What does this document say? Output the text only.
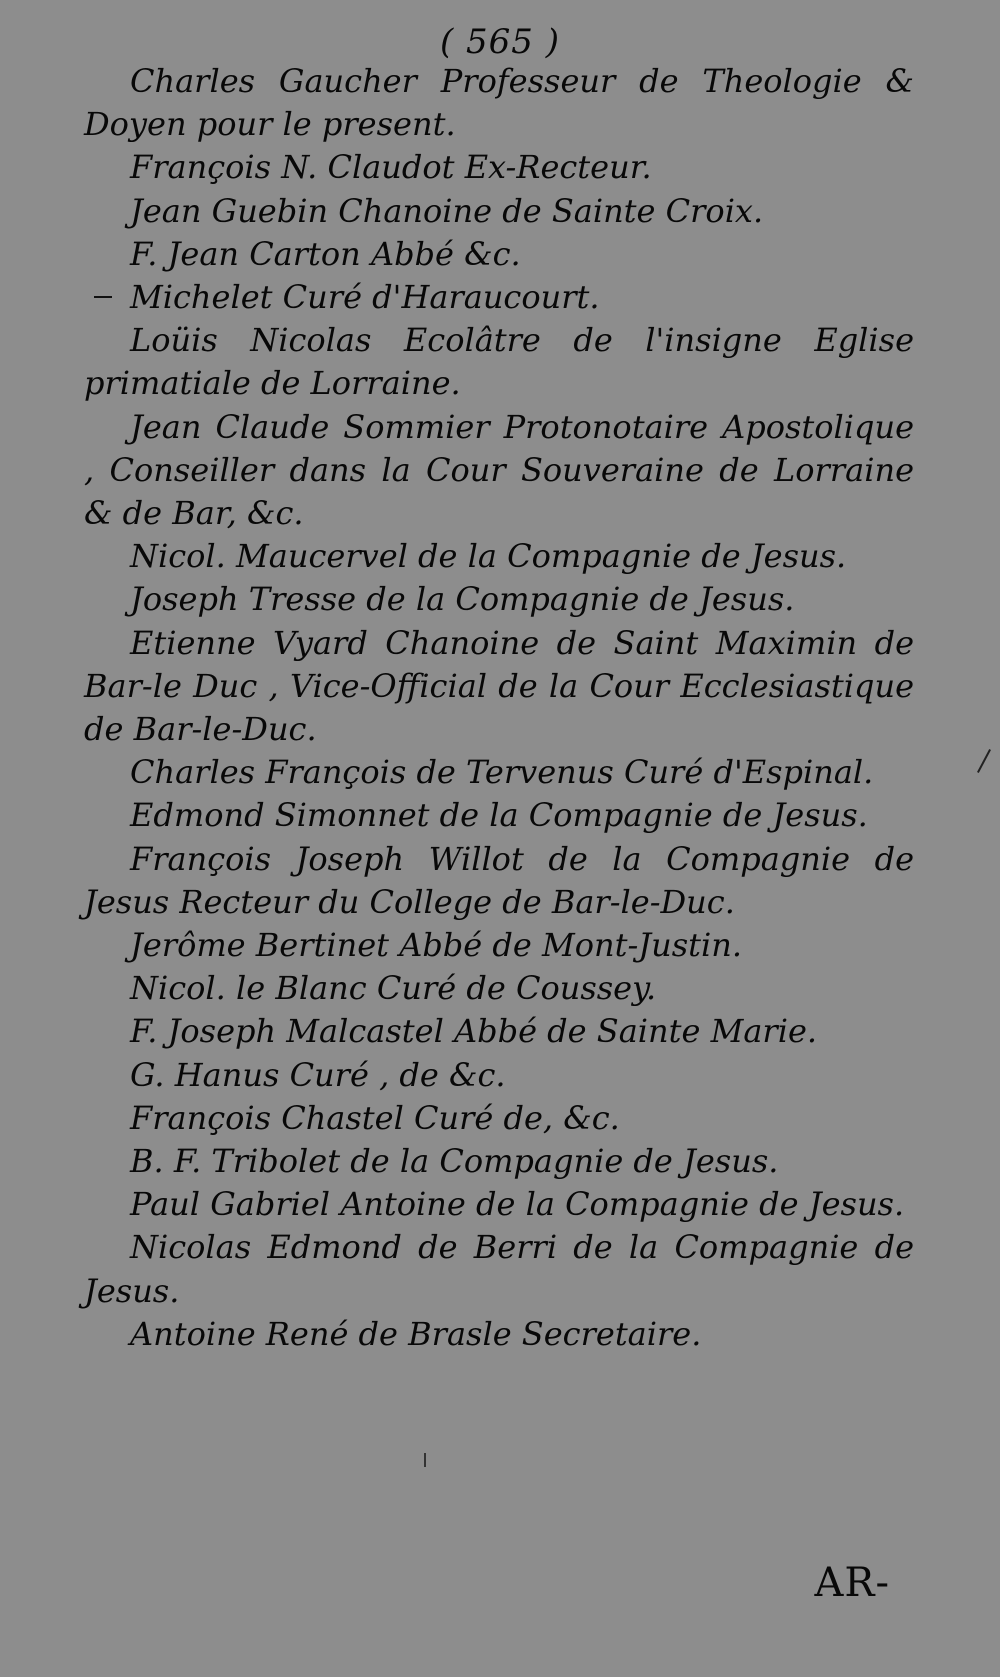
( 565 )
Charles Gaucher Professeur de Theologie & Doyen pour le present.
François N. Claudot Ex-Recteur.
Jean Guebin Chanoine de Sainte Croix.
F. Jean Carton Abbé &c.
Michelet Curé d'Haraucourt.
Loüis Nicolas Ecolâtre de l'insigne Eglise primatiale de Lorraine.
Jean Claude Sommier Protonotaire Apostolique , Conseiller dans la Cour Souveraine de Lorraine & de Bar, &c.
Nicol. Maucervel de la Compagnie de Jesus.
Joseph Tresse de la Compagnie de Jesus.
Etienne Vyard Chanoine de Saint Maximin de Bar-le Duc , Vice-Official de la Cour Ecclesiastique de Bar-le-Duc.
Charles François de Tervenus Curé d'Espinal.
Edmond Simonnet de la Compagnie de Jesus.
François Joseph Willot de la Compagnie de Jesus Recteur du College de Bar-le-Duc.
Jerôme Bertinet Abbé de Mont-Justin.
Nicol. le Blanc Curé de Coussey.
F. Joseph Malcastel Abbé de Sainte Marie.
G. Hanus Curé , de &c.
François Chastel Curé de, &c.
B. F. Tribolet de la Compagnie de Jesus.
Paul Gabriel Antoine de la Compagnie de Jesus.
Nicolas Edmond de Berri de la Compagnie de Jesus.
Antoine René de Brasle Secretaire.
AR-
